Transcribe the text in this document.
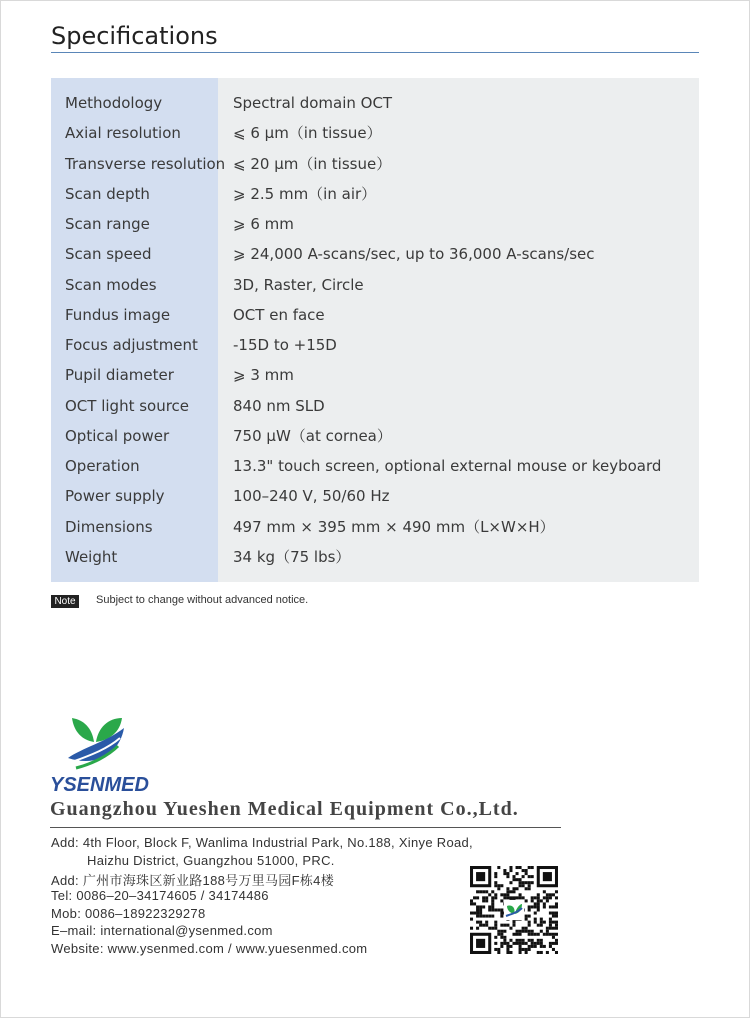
Specifications
Methodology	Spectral domain OCT
Axial resolution	⩽ 6 μm（in tissue）
Transverse resolution ⩽ 20 μm（in tissue）
Scan depth	⩾ 2.5 mm（in air）
Scan range	⩾ 6 mm
Scan speed	⩾ 24,000 A-scans/sec, up to 36,000 A-scans/sec
Scan modes	3D, Raster, Circle
Fundus image	OCT en face
Focus adjustment -15D to +15D
Pupil diameter	⩾ 3 mm
OCT light source	840 nm SLD
Optical power	750 μW（at cornea）
Operation	13.3" touch screen, optional external mouse or keyboard
Power supply	100–240 V, 50/60 Hz
Dimensions	497 mm × 395 mm × 490 mm（L×W×H）
Weight	34 kg（75 lbs）
Note	Subject to change without advanced notice.
YSENMED
Guangzhou Yueshen Medical Equipment Co.,Ltd.
Add: 4th Floor, Block F, Wanlima Industrial Park, No.188, Xinye Road,
Haizhu District, Guangzhou 51000, PRC.
Add: 广州市海珠区新业路188号万里马园F栋4楼
Tel: 0086–20–34174605 / 34174486
Mob: 0086–18922329278
E–mail: international@ysenmed.com
Website: www.ysenmed.com / www.yuesenmed.com
